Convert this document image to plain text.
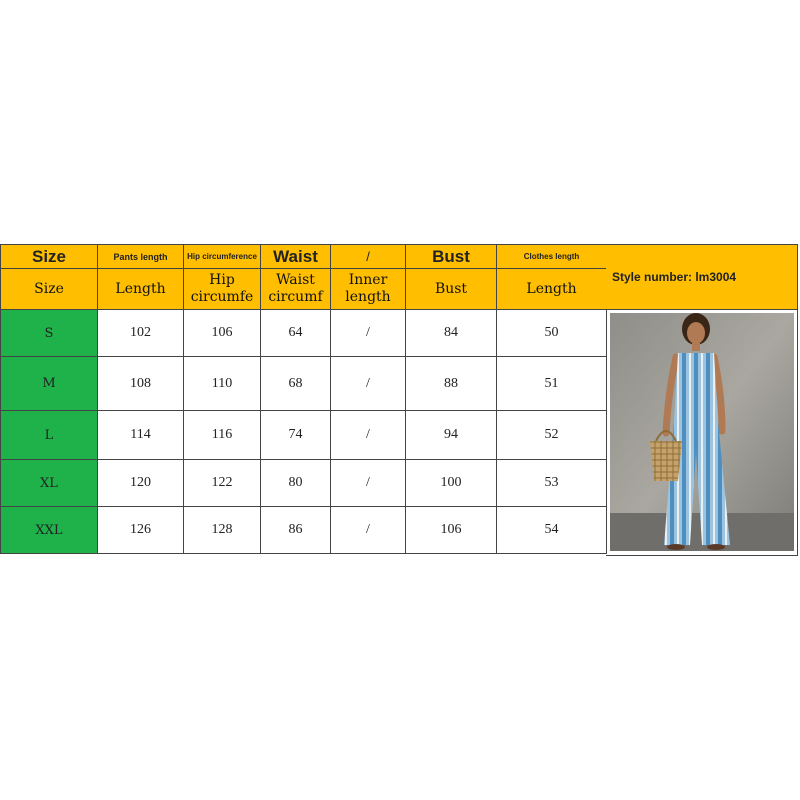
Size	Pants length	Hip circumference	Waist	/	Bust	Clothes length
Size	Length	Hip circumfe	Waist circumf	Inner length	Bust	Length
S	102	106	64	/	84	50
M	108	110	68	/	88	51
L	114	116	74	/	94	52
XL	120	122	80	/	100	53
XXL	126	128	86	/	106	54
Style number: lm3004
